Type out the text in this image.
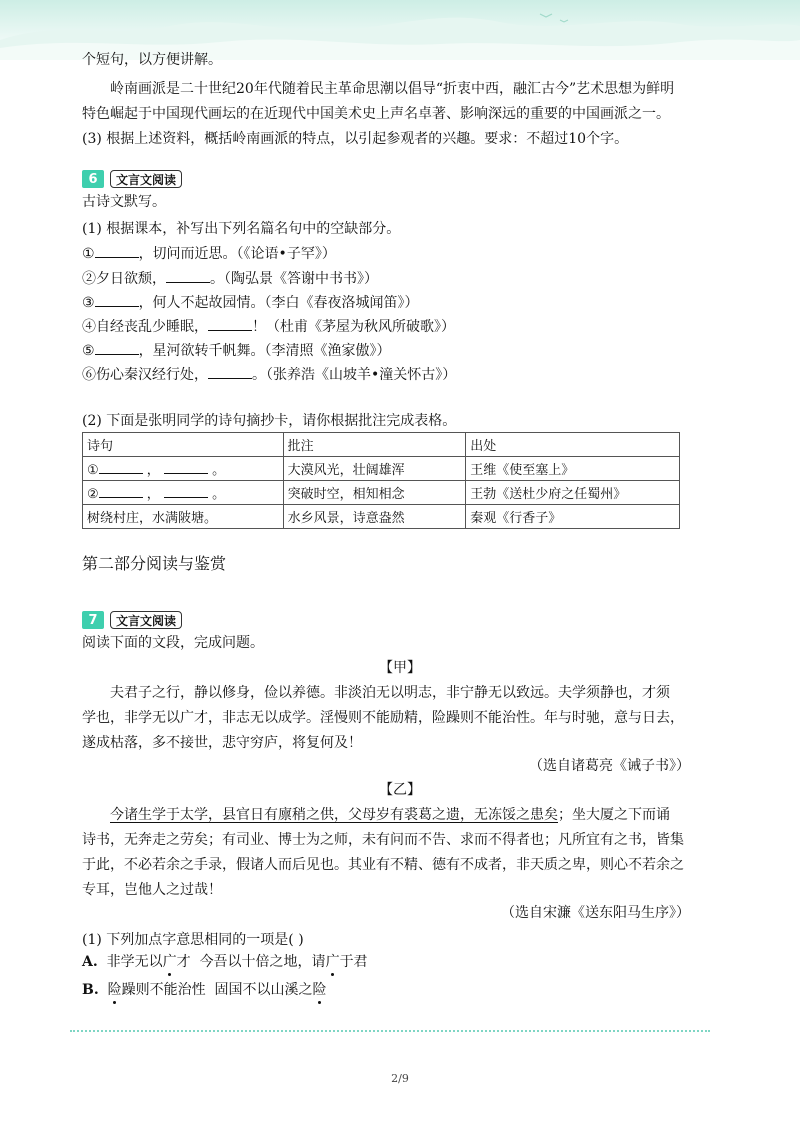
个短句，以方便讲解。
岭南画派是二十世纪20年代随着民主革命思潮以倡导“折衷中西，融汇古今”艺术思想为鲜明
特色崛起于中国现代画坛的在近现代中国美术史上声名卓著、影响深远的重要的中国画派之一。
(3) 根据上述资料，概括岭南画派的特点，以引起参观者的兴趣。要求：不超过10个字。
6	文言文阅读
古诗文默写。
(1) 根据课本，补写出下列名篇名句中的空缺部分。
①	，切问而近思。（《论语•子罕》）
②夕日欲颓，	。（陶弘景《答谢中书书》）
③	，何人不起故园情。（李白《春夜洛城闻笛》）
④自经丧乱少睡眠，	！（杜甫《茅屋为秋风所破歌》）
⑤	，星河欲转千帆舞。（李清照《渔家傲》）
⑥伤心秦汉经行处，	。（张养浩《山坡羊•潼关怀古》）
(2) 下面是张明同学的诗句摘抄卡，请你根据批注完成表格。
诗句	批注	出处
① ， 。	大漠风光，壮阔雄浑	王维《使至塞上》
② ， 。	突破时空，相知相念	王勃《送杜少府之任蜀州》
树绕村庄，水满陂塘。	水乡风景，诗意盎然	秦观《行香子》
第二部分阅读与鉴赏
7	文言文阅读
阅读下面的文段，完成问题。
【甲】
夫君子之行，静以修身，俭以养德。非淡泊无以明志，非宁静无以致远。夫学须静也，才须
学也，非学无以广才，非志无以成学。淫慢则不能励精，险躁则不能治性。年与时驰，意与日去，
遂成枯落，多不接世，悲守穷庐，将复何及！
（选自诸葛亮《诫子书》）
【乙】
今诸生学于太学，县官日有廪稍之供，父母岁有裘葛之遗，无冻馁之患矣；坐大厦之下而诵
诗书，无奔走之劳矣；有司业、博士为之师，未有问而不告、求而不得者也；凡所宜有之书，皆集
于此，不必若余之手录，假诸人而后见也。其业有不精、德有不成者，非天质之卑，则心不若余之
专耳，岂他人之过哉！
（选自宋濂《送东阳马生序》）
(1) 下列加点字意思相同的一项是( )
A. 非学无以广才 今吾以十倍之地，请广于君
B. 险躁则不能治性 固国不以山溪之险
2/9
